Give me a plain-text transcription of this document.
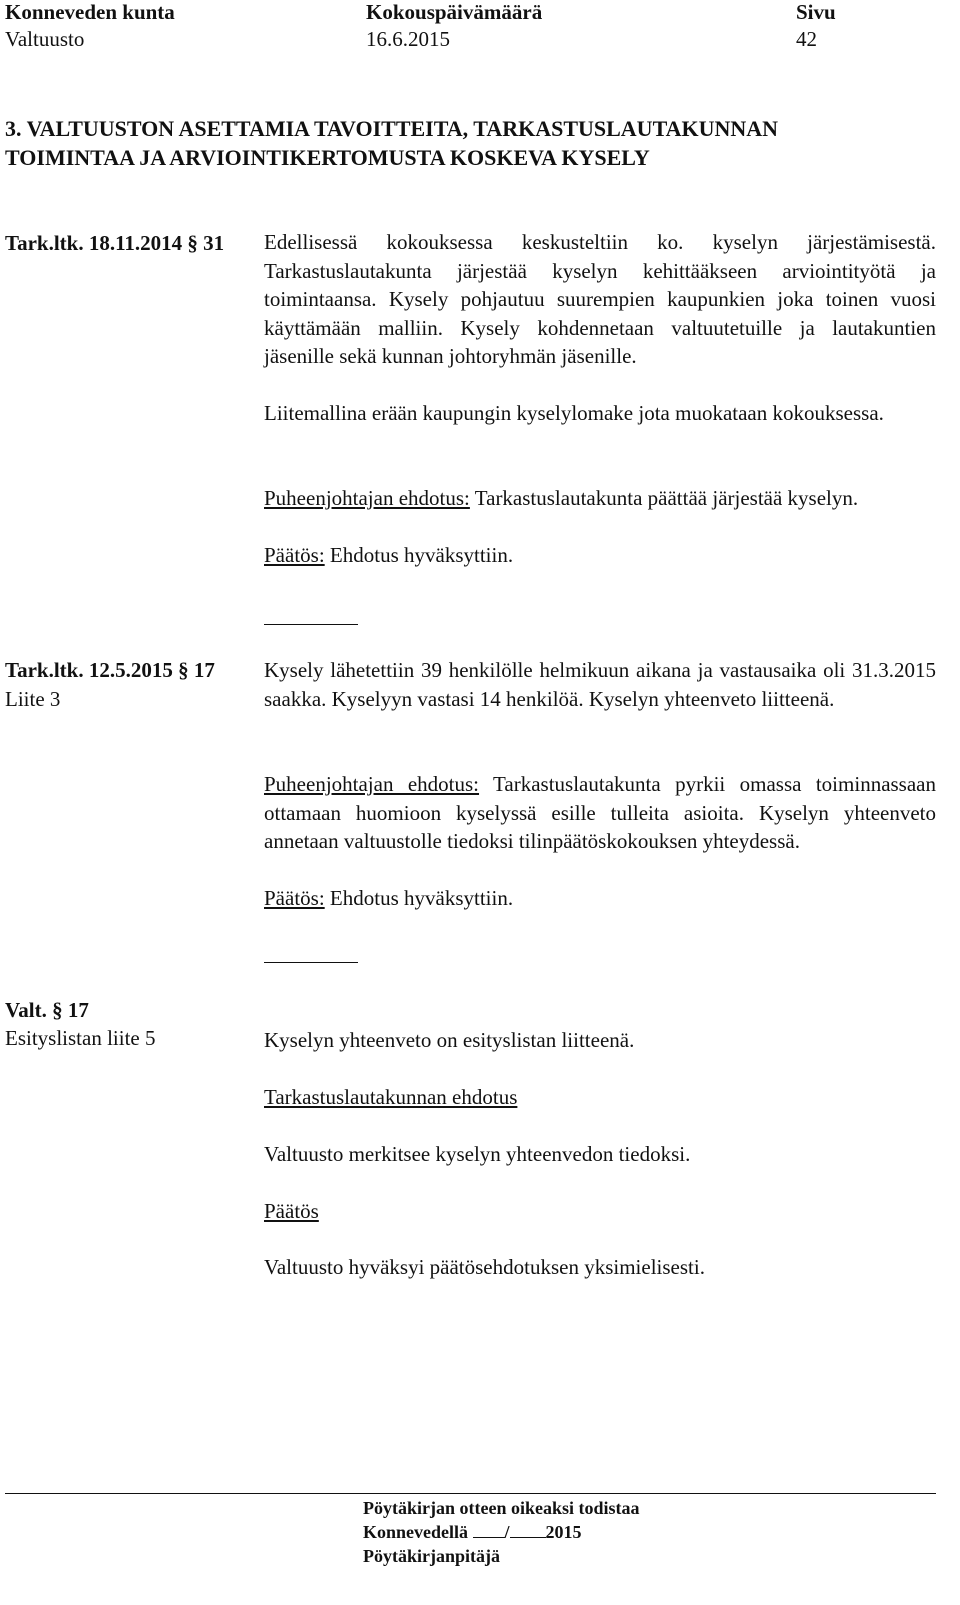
Konneveden kunta
Valtuusto
Kokouspäivämäärä
16.6.2015
Sivu
42
3. VALTUUSTON ASETTAMIA TAVOITTEITA, TARKASTUSLAUTAKUNNAN
TOIMINTAA JA ARVIOINTIKERTOMUSTA KOSKEVA KYSELY
Tark.ltk. 18.11.2014 § 31 Edellisessä kokouksessa keskusteltiin ko. kyselyn järjestämisestä. Tarkastuslautakunta järjestää kyselyn kehittääkseen arviointityötä ja toimintaansa. Kysely pohjautuu suurempien kaupunkien joka toinen vuosi käyttämään malliin. Kysely kohdennetaan valtuutetuille ja lautakuntien jäsenille sekä kunnan johtoryhmän jäsenille.
Liitemallina erään kaupungin kyselylomake jota muokataan kokouksessa.
Puheenjohtajan ehdotus: Tarkastuslautakunta päättää järjestää kyselyn.
Päätös: Ehdotus hyväksyttiin.
Tark.ltk. 12.5.2015 § 17
Liite 3
Kysely lähetettiin 39 henkilölle helmikuun aikana ja vastausaika oli 31.3.2015 saakka. Kyselyyn vastasi 14 henkilöä. Kyselyn yhteenveto liitteenä.
Puheenjohtajan ehdotus: Tarkastuslautakunta pyrkii omassa toiminnassaan ottamaan huomioon kyselyssä esille tulleita asioita. Kyselyn yhteenveto annetaan valtuustolle tiedoksi tilinpäätöskokouksen yhteydessä.
Päätös: Ehdotus hyväksyttiin.
Valt. § 17
Esityslistan liite 5	Kyselyn yhteenveto on esityslistan liitteenä.
Tarkastuslautakunnan ehdotus
Valtuusto merkitsee kyselyn yhteenvedon tiedoksi.
Päätös
Valtuusto hyväksyi päätösehdotuksen yksimielisesti.
Pöytäkirjan otteen oikeaksi todistaa
Konnevedellä / 2015
Pöytäkirjanpitäjä
